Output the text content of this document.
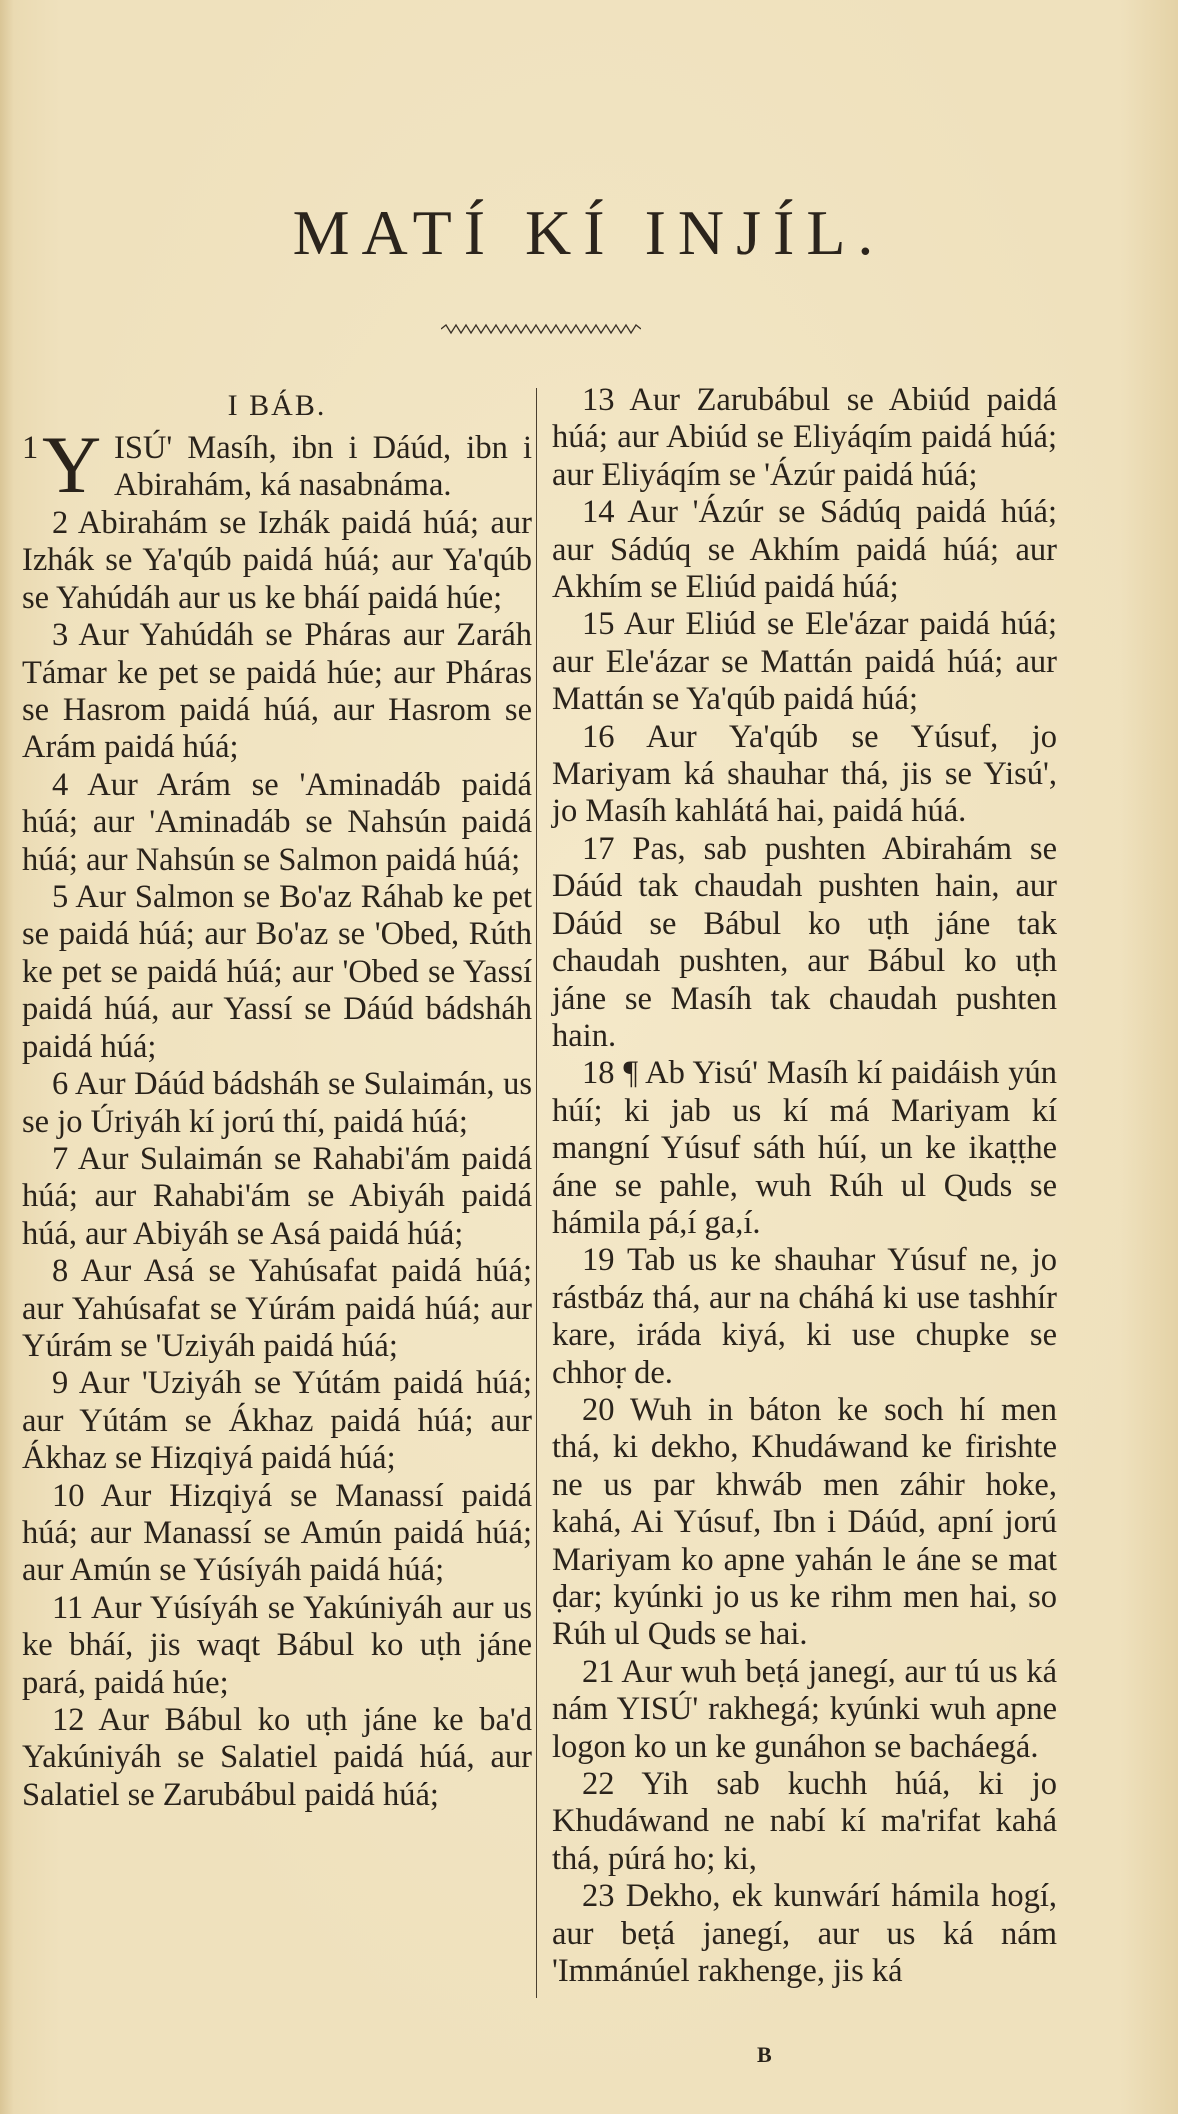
MATÍ KÍ INJÍL.
I BÁB.
1 Y ISÚ' Masíh, ibn i Dáúd, ibn i Abirahám, ká nasabnáma.

2 Abirahám se Izhák paidá húá; aur Izhák se Ya'qúb paidá húá; aur Ya'qúb se Yahúdáh aur us ke bháí paidá húe;

3 Aur Yahúdáh se Pháras aur Zaráh Támar ke pet se paidá húe; aur Pháras se Hasrom paidá húá, aur Hasrom se Arám paidá húá;

4 Aur Arám se 'Aminadáb paidá húá; aur 'Aminadáb se Nahsún paidá húá; aur Nahsún se Salmon paidá húá;

5 Aur Salmon se Bo'az Ráhab ke pet se paidá húá; aur Bo'az se 'Obed, Rúth ke pet se paidá húá; aur 'Obed se Yassí paidá húá, aur Yassí se Dáúd bádsháh paidá húá;

6 Aur Dáúd bádsháh se Sulaimán, us se jo Úriyáh kí jorú thí, paidá húá;

7 Aur Sulaimán se Rahabi'ám paidá húá; aur Rahabi'ám se Abiyáh paidá húá, aur Abiyáh se Asá paidá húá;

8 Aur Asá se Yahúsafat paidá húá; aur Yahúsafat se Yúrám paidá húá; aur Yúrám se 'Uziyáh paidá húá;

9 Aur 'Uziyáh se Yútám paidá húá; aur Yútám se Ákhaz paidá húá; aur Ákhaz se Hizqiyá paidá húá;

10 Aur Hizqiyá se Manassí paidá húá; aur Manassí se Amún paidá húá; aur Amún se Yúsíyáh paidá húá;

11 Aur Yúsíyáh se Yakúniyáh aur us ke bháí, jis waqt Bábul ko uṭh jáne pará, paidá húe;

12 Aur Bábul ko uṭh jáne ke ba'd Yakúniyáh se Salatiel paidá húá, aur Salatiel se Zarubábul paidá húá;

13 Aur Zarubábul se Abiúd paidá húá; aur Abiúd se Eliyáqím paidá húá; aur Eliyáqím se 'Ázúr paidá húá;

14 Aur 'Ázúr se Sádúq paidá húá; aur Sádúq se Akhím paidá húá; aur Akhím se Eliúd paidá húá;

15 Aur Eliúd se Ele'ázar paidá húá; aur Ele'ázar se Mattán paidá húá; aur Mattán se Ya'qúb paidá húá;

16 Aur Ya'qúb se Yúsuf, jo Mariyam ká shauhar thá, jis se Yisú', jo Masíh kahlátá hai, paidá húá.

17 Pas, sab pushten Abirahám se Dáúd tak chaudah pushten hain, aur Dáúd se Bábul ko uṭh jáne tak chaudah pushten, aur Bábul ko uṭh jáne se Masíh tak chaudah pushten hain.

18 ¶ Ab Yisú' Masíh kí paidáish yún húí; ki jab us kí má Mariyam kí mangní Yúsuf sáth húí, un ke ikaṭṭhe áne se pahle, wuh Rúh ul Quds se hámila pá,í ga,í.

19 Tab us ke shauhar Yúsuf ne, jo rástbáz thá, aur na cháhá ki use tashhír kare, iráda kiyá, ki use chupke se chhoṛ de.

20 Wuh in báton ke soch hí men thá, ki dekho, Khudáwand ke firishte ne us par khwáb men záhir hoke, kahá, Ai Yúsuf, Ibn i Dáúd, apní jorú Mariyam ko apne yahán le áne se mat ḍar; kyúnki jo us ke rihm men hai, so Rúh ul Quds se hai.

21 Aur wuh beṭá janegí, aur tú us ká nám YISÚ' rakhegá; kyúnki wuh apne logon ko un ke gunáhon se bacháegá.

22 Yih sab kuchh húá, ki jo Khudáwand ne nabí kí ma'rifat kahá thá, púrá ho; ki,

23 Dekho, ek kunwárí hámila hogí, aur beṭá janegí, aur us ká nám 'Immánúel rakhenge, jis ká

B
